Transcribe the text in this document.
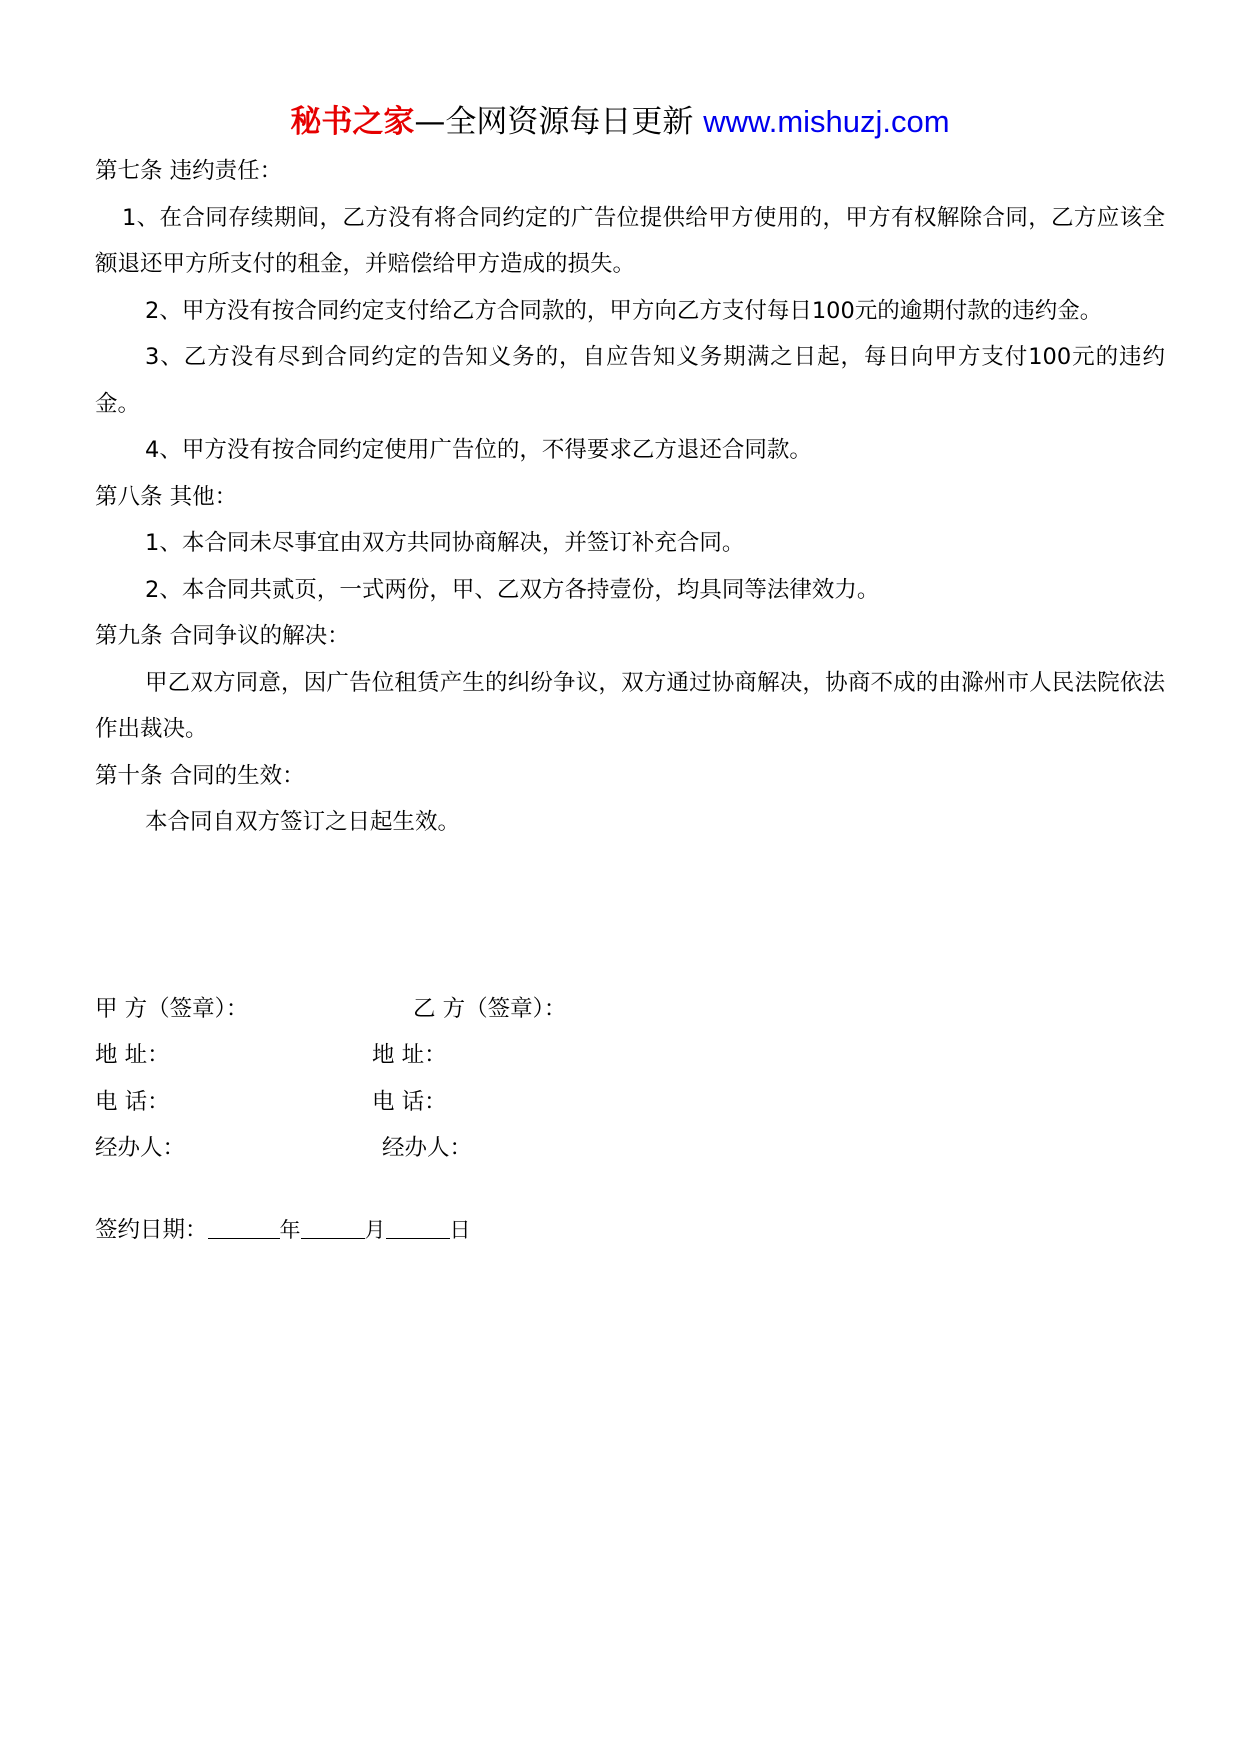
秘书之家—全网资源每日更新 www.mishuzj.com

第七条 违约责任：

1、在合同存续期间，乙方没有将合同约定的广告位提供给甲方使用的，甲方有权解除合同，乙方应该全额退还甲方所支付的租金，并赔偿给甲方造成的损失。

2、甲方没有按合同约定支付给乙方合同款的，甲方向乙方支付每日100元的逾期付款的违约金。

3、乙方没有尽到合同约定的告知义务的，自应告知义务期满之日起，每日向甲方支付100元的违约金。

4、甲方没有按合同约定使用广告位的，不得要求乙方退还合同款。

第八条 其他：

1、本合同未尽事宜由双方共同协商解决，并签订补充合同。

2、本合同共贰页，一式两份，甲、乙双方各持壹份，均具同等法律效力。

第九条 合同争议的解决：

甲乙双方同意，因广告位租赁产生的纠纷争议，双方通过协商解决，协商不成的由滁州市人民法院依法作出裁决。

第十条 合同的生效：

本合同自双方签订之日起生效。

甲 方（签章）：	乙 方（签章）：
地 址：	地 址：
电 话：	电 话：
经办人：	经办人：
签约日期：	年	月	日
